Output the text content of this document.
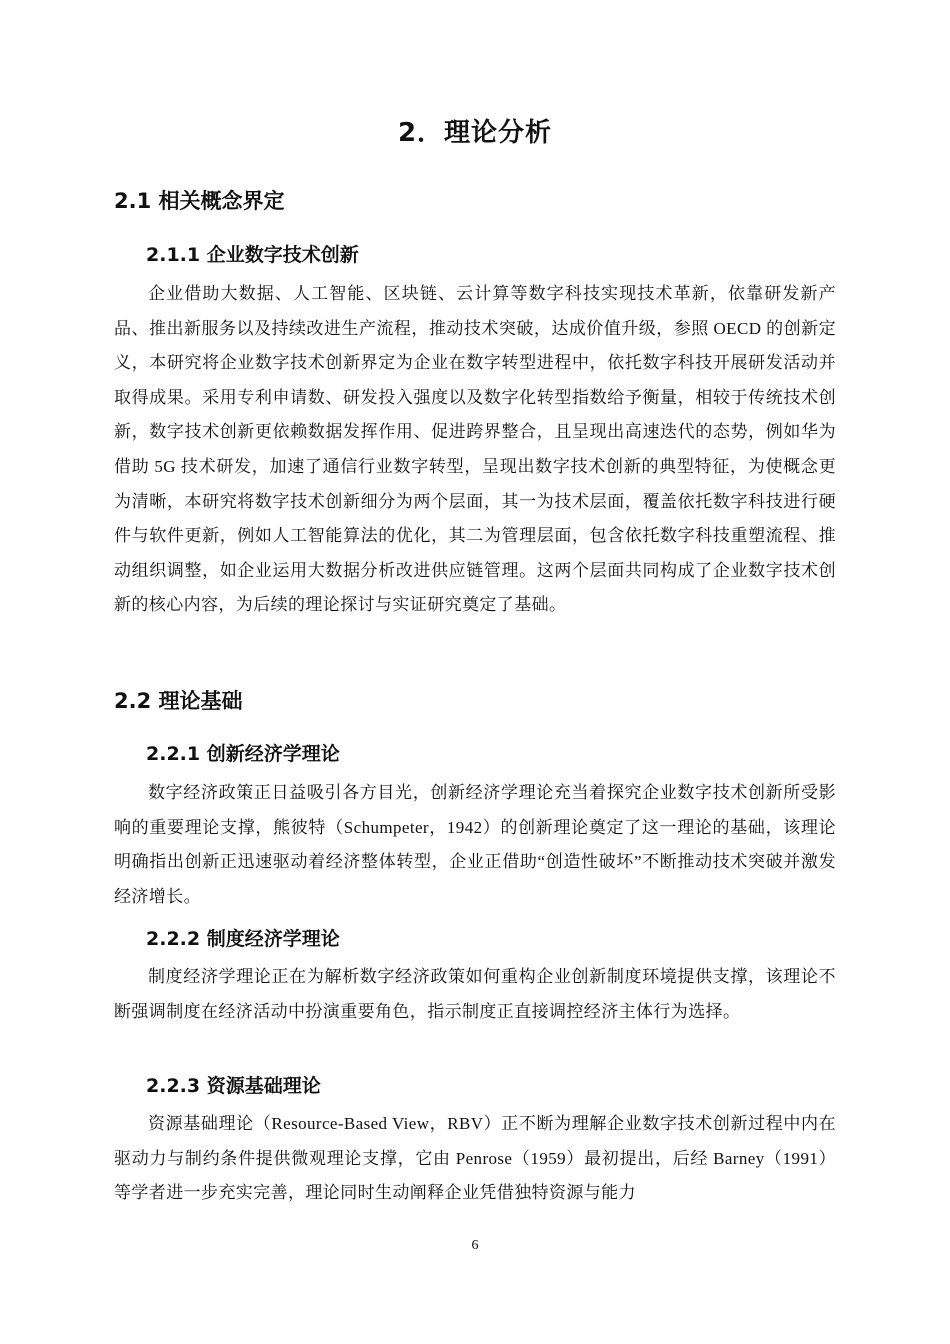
2．理论分析
2.1 相关概念界定
2.1.1 企业数字技术创新

企业借助大数据、人工智能、区块链、云计算等数字科技实现技术革新，依靠研发新产品、推出新服务以及持续改进生产流程，推动技术突破，达成价值升级，参照 OECD 的创新定义，本研究将企业数字技术创新界定为企业在数字转型进程中，依托数字科技开展研发活动并取得成果。采用专利申请数、研发投入强度以及数字化转型指数给予衡量，相较于传统技术创新，数字技术创新更依赖数据发挥作用、促进跨界整合，且呈现出高速迭代的态势，例如华为借助 5G 技术研发，加速了通信行业数字转型，呈现出数字技术创新的典型特征，为使概念更为清晰，本研究将数字技术创新细分为两个层面，其一为技术层面，覆盖依托数字科技进行硬件与软件更新，例如人工智能算法的优化，其二为管理层面，包含依托数字科技重塑流程、推动组织调整，如企业运用大数据分析改进供应链管理。这两个层面共同构成了企业数字技术创新的核心内容，为后续的理论探讨与实证研究奠定了基础。

2.2 理论基础
2.2.1 创新经济学理论

数字经济政策正日益吸引各方目光，创新经济学理论充当着探究企业数字技术创新所受影响的重要理论支撑，熊彼特（Schumpeter，1942）的创新理论奠定了这一理论的基础，该理论明确指出创新正迅速驱动着经济整体转型，企业正借助“创造性破坏”不断推动技术突破并激发经济增长。

2.2.2 制度经济学理论

制度经济学理论正在为解析数字经济政策如何重构企业创新制度环境提供支撑，该理论不断强调制度在经济活动中扮演重要角色，指示制度正直接调控经济主体行为选择。

2.2.3 资源基础理论

资源基础理论（Resource-Based View，RBV）正不断为理解企业数字技术创新过程中内在驱动力与制约条件提供微观理论支撑，它由 Penrose（1959）最初提出，后经 Barney（1991）等学者进一步充实完善，理论同时生动阐释企业凭借独特资源与能力

6
